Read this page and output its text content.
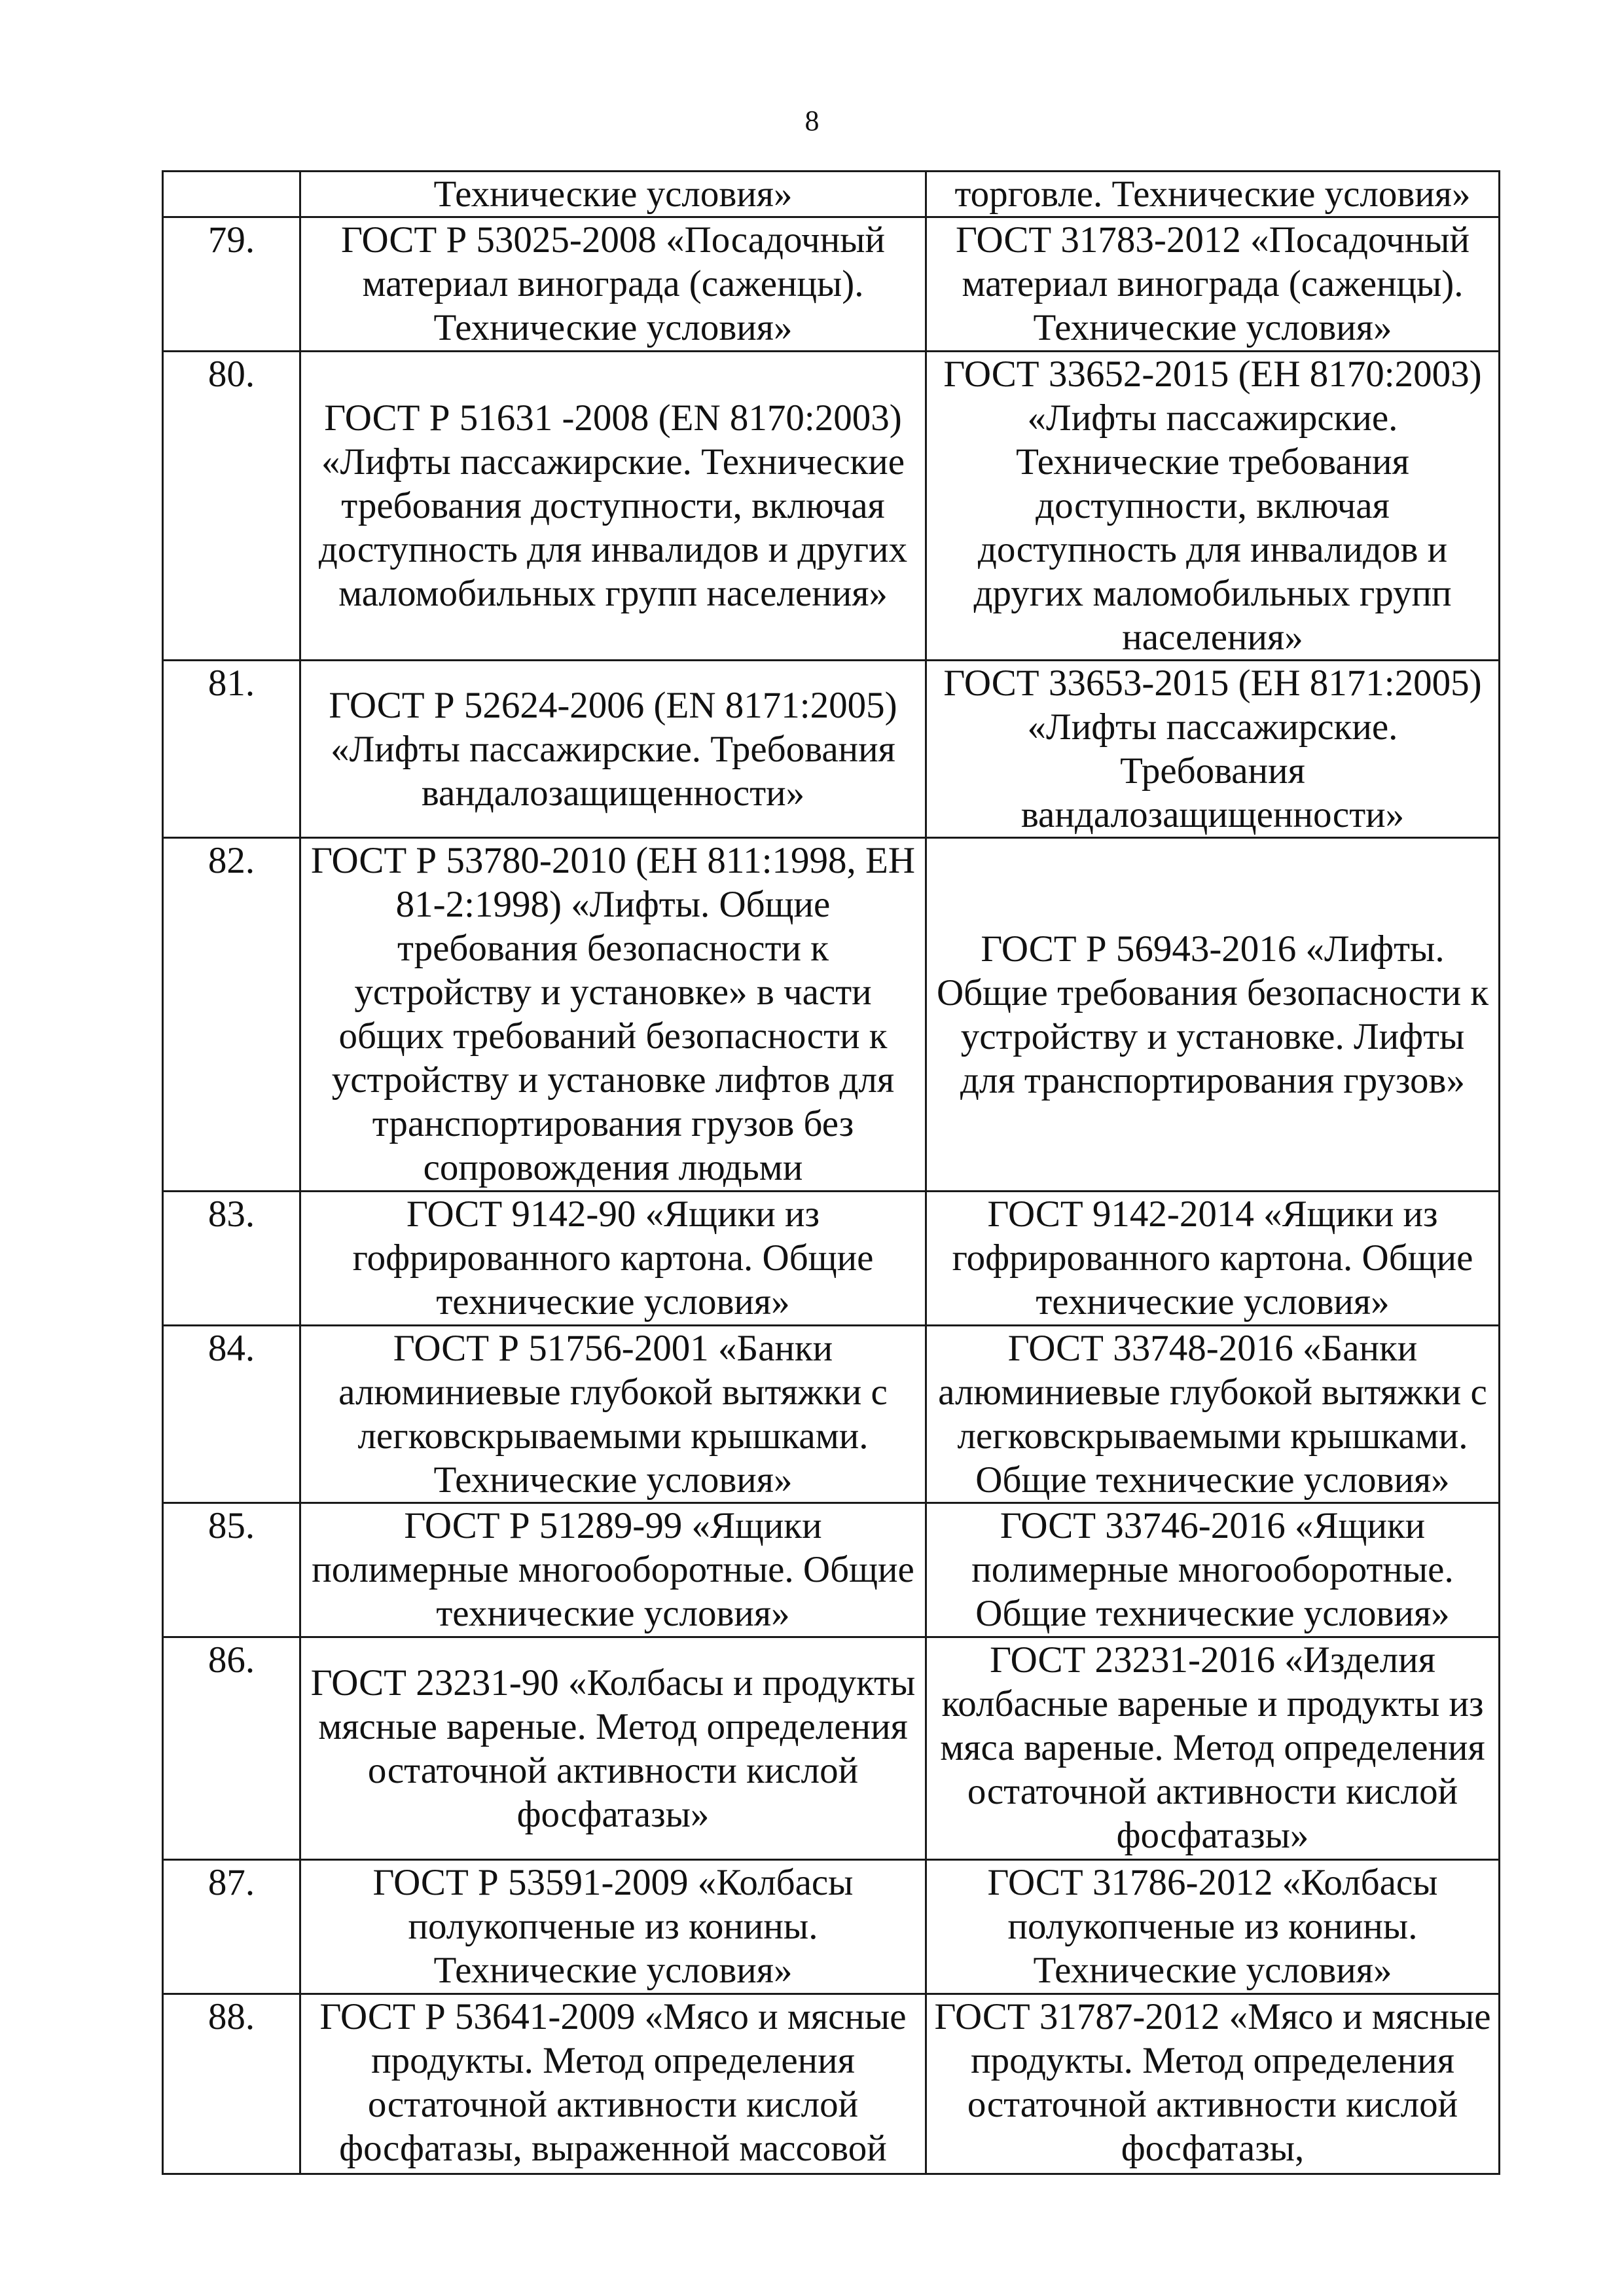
8
	Технические условия»	торговле. Технические условия»
79.	ГОСТ Р 53025-2008 «Посадочный материал винограда (саженцы). Технические условия»	ГОСТ 31783-2012 «Посадочный материал винограда (саженцы). Технические условия»
80.	ГОСТ Р 51631 -2008 (EN 8170:2003) «Лифты пассажирские. Технические требования доступности, включая доступность для инвалидов и других маломобильных групп населения»	ГОСТ 33652-2015 (ЕН 8170:2003) «Лифты пассажирские. Технические требования доступности, включая доступность для инвалидов и других маломобильных групп населения»
81.	ГОСТ Р 52624-2006 (EN 8171:2005) «Лифты пассажирские. Требования вандалозащищенности»	ГОСТ 33653-2015 (ЕН 8171:2005) «Лифты пассажирские. Требования вандалозащищенности»
82.	ГОСТ Р 53780-2010 (ЕН 811:1998, ЕН 81-2:1998) «Лифты. Общие требования безопасности к устройству и установке» в части общих требований безопасности к устройству и установке лифтов для транспортирования грузов без сопровождения людьми	ГОСТ Р 56943-2016 «Лифты. Общие требования безопасности к устройству и установке. Лифты для транспортирования грузов»
83.	ГОСТ 9142-90 «Ящики из гофрированного картона. Общие технические условия»	ГОСТ 9142-2014 «Ящики из гофрированного картона. Общие технические условия»
84.	ГОСТ Р 51756-2001 «Банки алюминиевые глубокой вытяжки с легковскрываемыми крышками. Технические условия»	ГОСТ 33748-2016 «Банки алюминиевые глубокой вытяжки с легковскрываемыми крышками. Общие технические условия»
85.	ГОСТ Р 51289-99 «Ящики полимерные многооборотные. Общие технические условия»	ГОСТ 33746-2016 «Ящики полимерные многооборотные. Общие технические условия»
86.	ГОСТ 23231-90 «Колбасы и продукты мясные вареные. Метод определения остаточной активности кислой фосфатазы»	ГОСТ 23231-2016 «Изделия колбасные вареные и продукты из мяса вареные. Метод определения остаточной активности кислой фосфатазы»
87.	ГОСТ Р 53591-2009 «Колбасы полукопченые из конины. Технические условия»	ГОСТ 31786-2012 «Колбасы полукопченые из конины. Технические условия»
88.	ГОСТ Р 53641-2009 «Мясо и мясные продукты. Метод определения остаточной активности кислой фосфатазы, выраженной массовой	ГОСТ 31787-2012 «Мясо и мясные продукты. Метод определения остаточной активности кислой фосфатазы,
